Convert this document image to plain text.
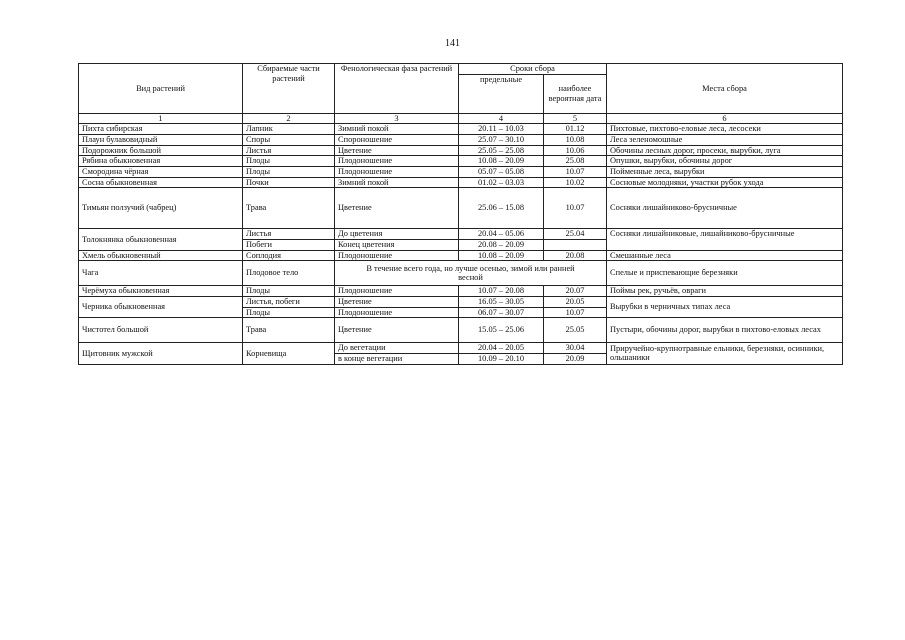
141
Вид растений	Сбираемые части растений	Фенологическая фаза растений	Сроки сбора		Места сбора
			предельные	наиболее вероятная дата	
1	2	3	4	5	6
Пихта сибирская	Лапник	Зимний покой	20.11 – 10.03	01.12	Пихтовые, пихтово-еловые леса, лесосеки
Плаун булавовидный	Споры	Спороношение	25.07 – 30.10	10.08	Леса зеленомошные
Подорожник большой	Листья	Цветение	25.05 – 25.08	10.06	Обочины лесных дорог, просеки, вырубки, луга
Рябина обыкновенная	Плоды	Плодоношение	10.08 – 20.09	25.08	Опушки, вырубки, обочины дорог
Смородина чёрная	Плоды	Плодоношение	05.07 – 05.08	10.07	Пойменные леса, вырубки
Сосна обыкновенная	Почки	Зимний покой	01.02 – 03.03	10.02	Сосновые молодняки, участки рубок ухода
Тимьян ползучий (чабрец)	Трава	Цветение	25.06 – 15.08	10.07	Сосняки лишайниково-брусничные
Толокнянка обыкновенная	Листья	До цветения	20.04 – 05.06	25.04	Сосняки лишайниковые, лишайниково-брусничные
	Побеги	Конец цветения	20.08 – 20.09		
Хмель обыкновенный	Соплодия	Плодоношение	10.08 – 20.09	20.08	Смешанные леса
Чага	Плодовое тело	В течение всего года, но лучше осенью, зимой или ранней весной			Спелые и приспевающие березняки
Черёмуха обыкновенная	Плоды	Плодоношение	10.07 – 20.08	20.07	Поймы рек, ручьёв, овраги
Черника обыкновенная	Листья, побеги	Цветение	16.05 – 30.05	20.05	Вырубки в черничных типах леса
	Плоды	Плодоношение	06.07 – 30.07	10.07	
Чистотел большой	Трава	Цветение	15.05 – 25.06	25.05	Пустыри, обочины дорог, вырубки в пихтово-еловых лесах
Щитовник мужской	Корневища	До вегетации	20.04 – 20.05	30.04	Приручейно-крупнотравные ельники, березняки, осинники, ольшаники
		в конце вегетации	10.09 – 20.10	20.09	
